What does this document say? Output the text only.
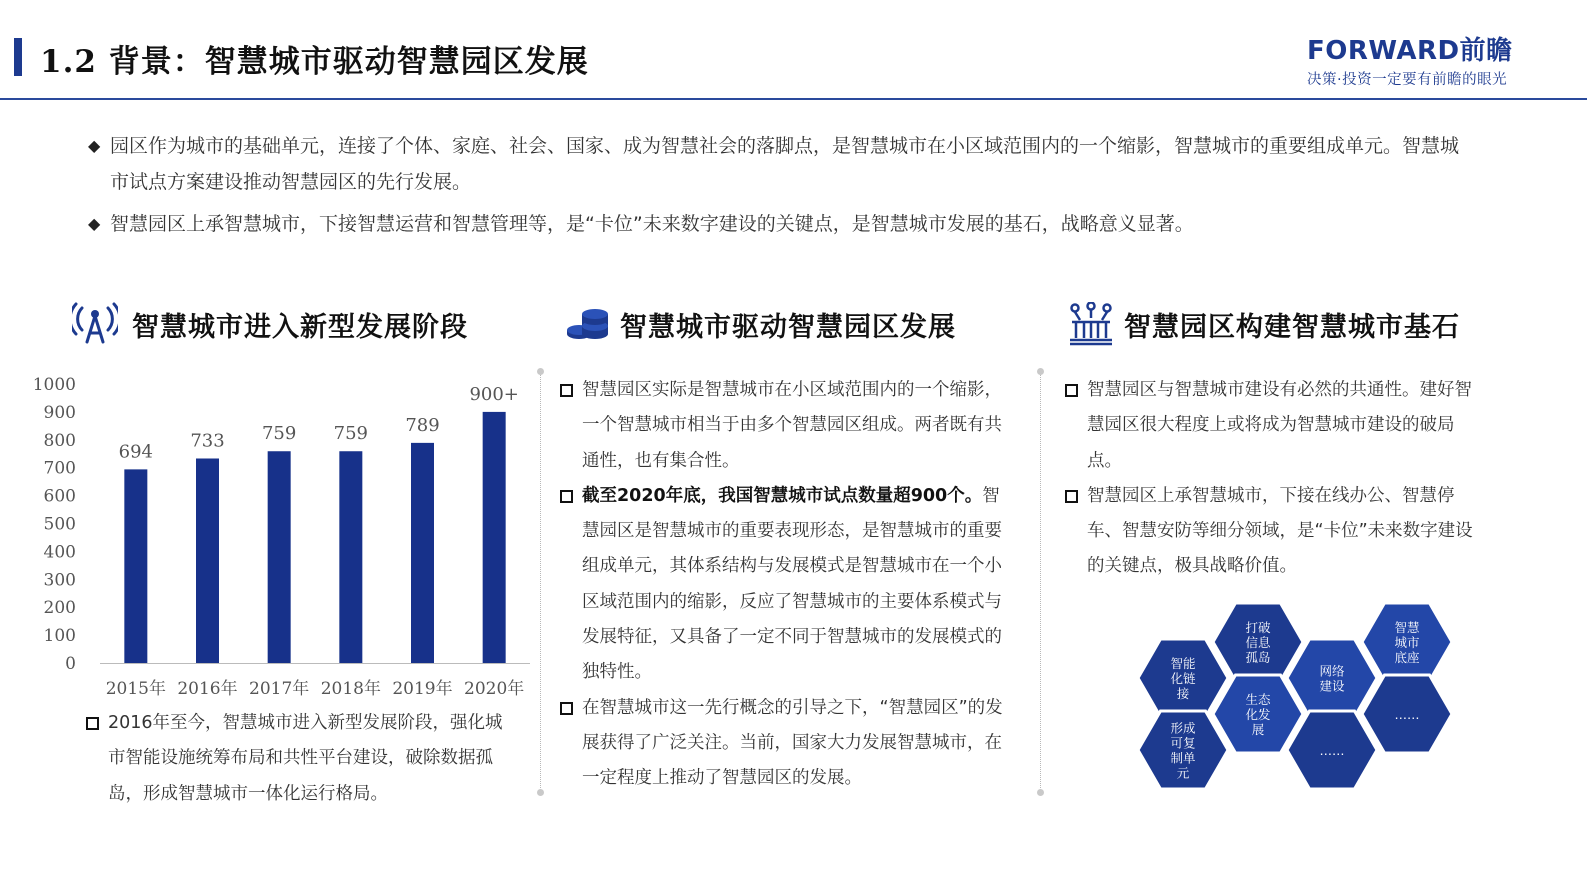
1.2 背景：智慧城市驱动智慧园区发展	FORWARD前瞻
决策·投资一定要有前瞻的眼光
◆ 园区作为城市的基础单元，连接了个体、家庭、社会、国家、成为智慧社会的落脚点，是智慧城市在小区域范围内的一个缩影，智慧城市的重要组成单元。智慧城市试点方案建设推动智慧园区的先行发展。
◆ 智慧园区上承智慧城市，下接智慧运营和智慧管理等，是“卡位”未来数字建设的关键点，是智慧城市发展的基石，战略意义显著。
智慧城市进入新型发展阶段
0
100
200
300
400
500
600
700
800
900
1000
694
2015年
733
2016年
759
2017年
759
2018年
789
2019年
900+
2020年
2016年至今，智慧城市进入新型发展阶段，强化城市智能设施统筹布局和共性平台建设，破除数据孤岛，形成智慧城市一体化运行格局。
智慧城市驱动智慧园区发展
智慧园区实际是智慧城市在小区域范围内的一个缩影，一个智慧城市相当于由多个智慧园区组成。两者既有共通性，也有集合性。
截至2020年底，我国智慧城市试点数量超900个。智慧园区是智慧城市的重要表现形态，是智慧城市的重要组成单元，其体系结构与发展模式是智慧城市在一个小区域范围内的缩影，反应了智慧城市的主要体系模式与发展特征，又具备了一定不同于智慧城市的发展模式的独特性。
在智慧城市这一先行概念的引导之下，“智慧园区”的发展获得了广泛关注。当前，国家大力发展智慧城市，在一定程度上推动了智慧园区的发展。
智慧园区构建智慧城市基石
智慧园区与智慧城市建设有必然的共通性。建好智慧园区很大程度上或将成为智慧城市建设的破局点。
智慧园区上承智慧城市，下接在线办公、智慧停车、智慧安防等细分领域，是“卡位”未来数字建设的关键点，极具战略价值。
智能化链接
形成可复制单元
打破信息孤岛
生态化发展
网络建设
……
智慧城市底座
……
